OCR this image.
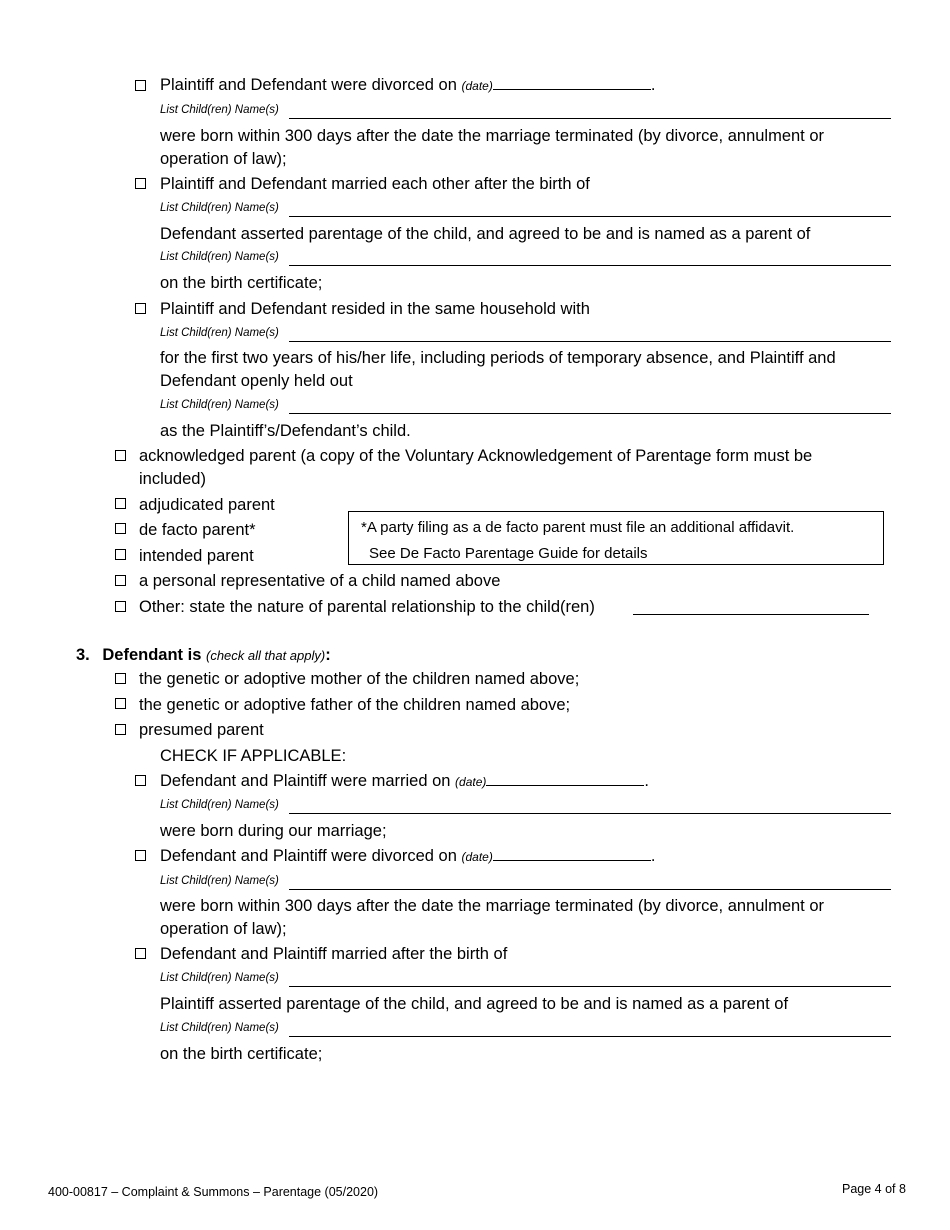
Plaintiff and Defendant were divorced on (date)	.
List Child(ren) Name(s)
were born within 300 days after the date the marriage terminated (by divorce, annulment or
operation of law);
Plaintiff and Defendant married each other after the birth of
List Child(ren) Name(s)
Defendant asserted parentage of the child, and agreed to be and is named as a parent of
List Child(ren) Name(s)
on the birth certificate;
Plaintiff and Defendant resided in the same household with
List Child(ren) Name(s)
for the first two years of his/her life, including periods of temporary absence, and Plaintiff and
Defendant openly held out
List Child(ren) Name(s)
as the Plaintiff’s/Defendant’s child.
acknowledged parent (a copy of the Voluntary Acknowledgement of Parentage form must be
included)
adjudicated parent
de facto parent*
intended parent
*A party filing as a de facto parent must file an additional affidavit.
See De Facto Parentage Guide for details
a personal representative of a child named above
Other: state the nature of parental relationship to the child(ren)
3. Defendant is (check all that apply):
the genetic or adoptive mother of the children named above;
the genetic or adoptive father of the children named above;
presumed parent
CHECK IF APPLICABLE:
Defendant and Plaintiff were married on (date)	.
List Child(ren) Name(s)
were born during our marriage;
Defendant and Plaintiff were divorced on (date)	.
List Child(ren) Name(s)
were born within 300 days after the date the marriage terminated (by divorce, annulment or
operation of law);
Defendant and Plaintiff married after the birth of
List Child(ren) Name(s)
Plaintiff asserted parentage of the child, and agreed to be and is named as a parent of
List Child(ren) Name(s)
on the birth certificate;
400-00817 – Complaint & Summons – Parentage (05/2020)	Page 4 of 8
